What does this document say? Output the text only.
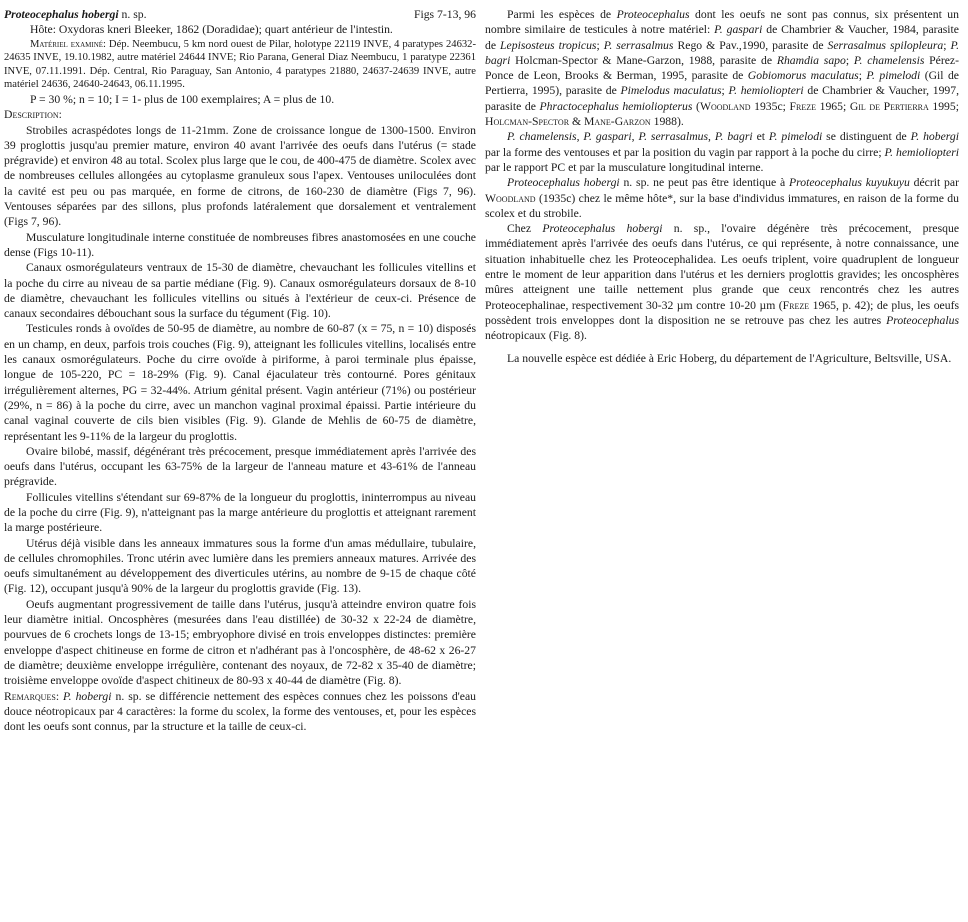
Proteocephalus hobergi n. sp.	Figs 7-13, 96

Hôte: Oxydoras kneri Bleeker, 1862 (Doradidae); quart antérieur de l'intestin.

Matériel examiné: Dép. Neembucu, 5 km nord ouest de Pilar, holotype 22119 INVE, 4 paratypes 24632-24635 INVE, 19.10.1982, autre matériel 24644 INVE; Rio Parana, General Diaz Neembucu, 1 paratype 22361 INVE, 07.11.1991. Dép. Central, Rio Paraguay, San Antonio, 4 paratypes 21880, 24637-24639 INVE, autre matériel 24636, 24640-24643, 06.11.1995.

P = 30 %; n = 10; I = 1- plus de 100 exemplaires; A = plus de 10.

Description:

Strobiles acraspédotes longs de 11-21mm. Zone de croissance longue de 1300-1500. Environ 39 proglottis jusqu'au premier mature, environ 40 avant l'arrivée des oeufs dans l'utérus (= stade prégravide) et environ 48 au total. Scolex plus large que le cou, de 400-475 de diamètre. Scolex avec de nombreuses cellules allongées au cytoplasme granuleux sous l'apex. Ventouses uniloculées dont la cavité est peu ou pas marquée, en forme de citrons, de 160-230 de diamètre (Figs 7, 96). Ventouses séparées par des sillons, plus profonds latéralement que dorsalement et ventralement (Figs 7, 96).

Musculature longitudinale interne constituée de nombreuses fibres anastomosées en une couche dense (Figs 10-11).

Canaux osmorégulateurs ventraux de 15-30 de diamètre, chevauchant les follicules vitellins et la poche du cirre au niveau de sa partie médiane (Fig. 9). Canaux osmorégulateurs dorsaux de 8-10 de diamètre, chevauchant les follicules vitellins ou situés à l'extérieur de ceux-ci. Présence de canaux secondaires débouchant sous la surface du tégument (Fig. 10).

Testicules ronds à ovoïdes de 50-95 de diamètre, au nombre de 60-87 (x = 75, n = 10) disposés en un champ, en deux, parfois trois couches (Fig. 9), atteignant les follicules vitellins, localisés entre les canaux osmorégulateurs. Poche du cirre ovoïde à piriforme, à paroi terminale plus épaisse, longue de 105-220, PC = 18-29% (Fig. 9). Canal éjaculateur très contourné. Pores génitaux irrégulièrement alternes, PG = 32-44%. Atrium génital présent. Vagin antérieur (71%) ou postérieur (29%, n = 86) à la poche du cirre, avec un manchon vaginal proximal épaissi. Partie intérieure du canal vaginal couverte de cils bien visibles (Fig. 9). Glande de Mehlis de 60-75 de diamètre, représentant les 9-11% de la largeur du proglottis.

Ovaire bilobé, massif, dégénérant très précocement, presque immédiatement après l'arrivée des oeufs dans l'utérus, occupant les 63-75% de la largeur de l'anneau mature et 43-61% de l'anneau prégravide.

Follicules vitellins s'étendant sur 69-87% de la longueur du proglottis, ininterrompus au niveau de la poche du cirre (Fig. 9), n'atteignant pas la marge antérieure du proglottis et atteignant rarement la marge postérieure.

Utérus déjà visible dans les anneaux immatures sous la forme d'un amas médullaire, tubulaire, de cellules chromophiles. Tronc utérin avec lumière dans les premiers anneaux matures. Arrivée des oeufs simultanément au développement des diverticules utérins, au nombre de 9-15 de chaque côté (Fig. 12), occupant jusqu'à 90% de la largeur du proglottis gravide (Fig. 13).

Oeufs augmentant progressivement de taille dans l'utérus, jusqu'à atteindre environ quatre fois leur diamètre initial. Oncosphères (mesurées dans l'eau distillée) de 30-32 x 22-24 de diamètre, pourvues de 6 crochets longs de 13-15; embryophore divisé en trois enveloppes distinctes: première enveloppe d'aspect chitineuse en forme de citron et n'adhérant pas à l'oncosphère, de 48-62 x 26-27 de diamètre; deuxième enveloppe irrégulière, contenant des noyaux, de 72-82 x 35-40 de diamètre; troisième enveloppe ovoïde d'aspect chitineux de 80-93 x 40-44 de diamètre (Fig. 8).

Remarques: P. hobergi n. sp. se différencie nettement des espèces connues chez les poissons d'eau douce néotropicaux par 4 caractères: la forme du scolex, la forme des ventouses, et, pour les espèces dont les oeufs sont connus, par la structure et la taille de ceux-ci.

Parmi les espèces de Proteocephalus dont les oeufs ne sont pas connus, six présentent un nombre similaire de testicules à notre matériel: P. gaspari de Chambrier & Vaucher, 1984, parasite de Lepisosteus tropicus; P. serrasalmus Rego & Pav.,1990, parasite de Serrasalmus spilopleura; P. bagri Holcman-Spector & Mane-Garzon, 1988, parasite de Rhamdia sapo; P. chamelensis Pérez-Ponce de Leon, Brooks & Berman, 1995, parasite de Gobiomorus maculatus; P. pimelodi (Gil de Pertierra, 1995), parasite de Pimelodus maculatus; P. hemioliopteri de Chambrier & Vaucher, 1997, parasite de Phractocephalus hemioliopterus (Woodland 1935c; Freze 1965; Gil de Pertierra 1995; Holcman-Spector & Mane-Garzon 1988).

P. chamelensis, P. gaspari, P. serrasalmus, P. bagri et P. pimelodi se distinguent de P. hobergi par la forme des ventouses et par la position du vagin par rapport à la poche du cirre; P. hemioliopteri par le rapport PC et par la musculature longitudinal interne.

Proteocephalus hobergi n. sp. ne peut pas être identique à Proteocephalus kuyukuyu décrit par Woodland (1935c) chez le même hôte*, sur la base d'individus immatures, en raison de la forme du scolex et du strobile.

Chez Proteocephalus hobergi n. sp., l'ovaire dégénère très précocement, presque immédiatement après l'arrivée des oeufs dans l'utérus, ce qui représente, à notre connaissance, une situation inhabituelle chez les Proteocephalidea. Les oeufs triplent, voire quadruplent de longueur entre le moment de leur apparition dans l'utérus et les derniers proglottis gravides; les oncosphères mûres atteignent une taille nettement plus grande que ceux rencontrés chez les autres Proteocephalinae, respectivement 30-32 µm contre 10-20 µm (Freze 1965, p. 42); de plus, les oeufs possèdent trois enveloppes dont la disposition ne se retrouve pas chez les autres Proteocephalus néotropicaux (Fig. 8).

La nouvelle espèce est dédiée à Eric Hoberg, du département de l'Agriculture, Beltsville, USA.
